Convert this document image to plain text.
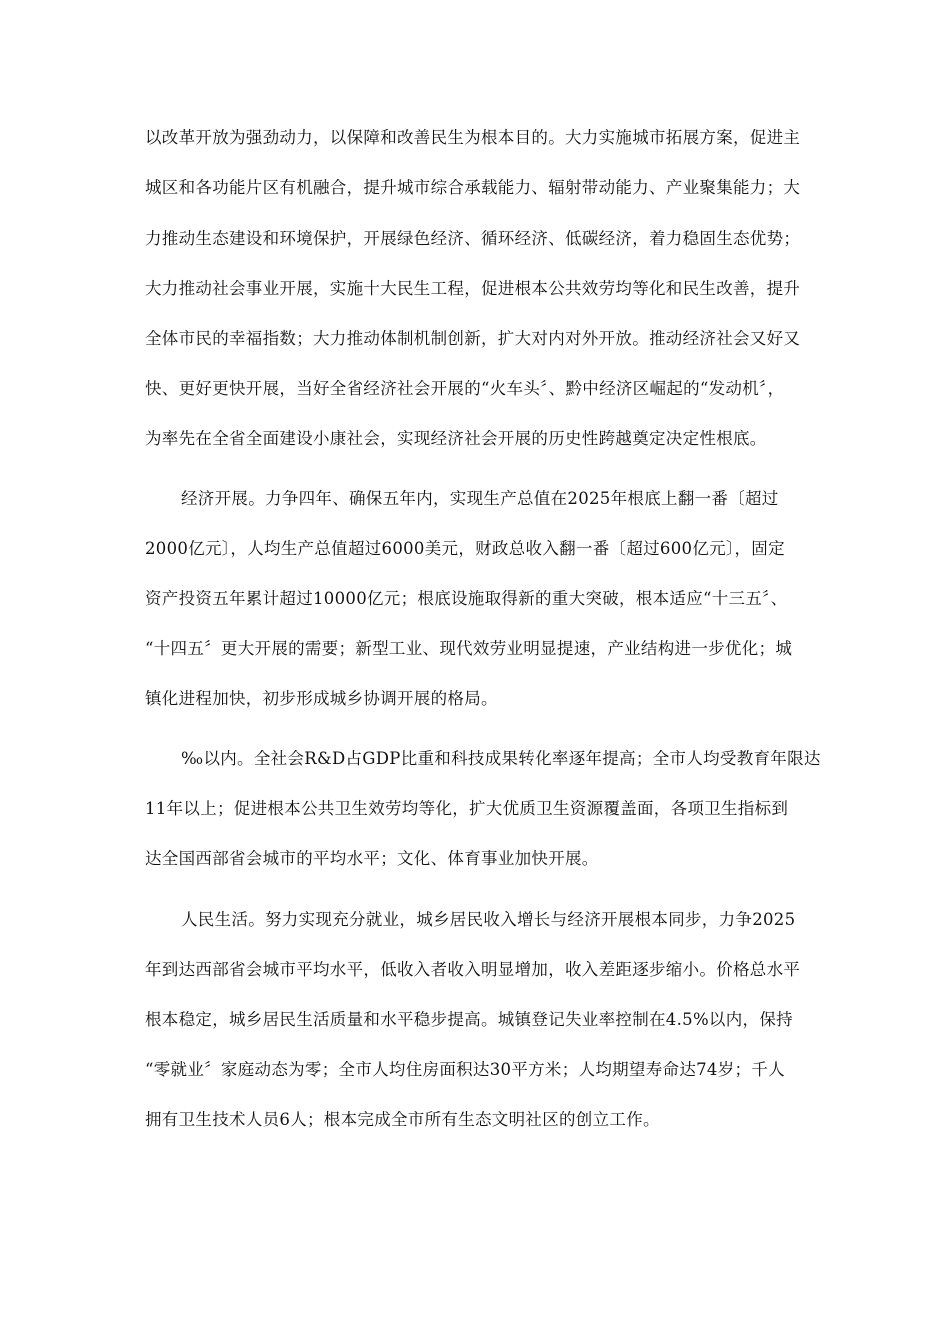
以改革开放为强劲动力，以保障和改善民生为根本目的。大力实施城市拓展方案，促进主
城区和各功能片区有机融合，提升城市综合承载能力、辐射带动能力、产业聚集能力；大
力推动生态建设和环境保护，开展绿色经济、循环经济、低碳经济，着力稳固生态优势；
大力推动社会事业开展，实施十大民生工程，促进根本公共效劳均等化和民生改善，提升
全体市民的幸福指数；大力推动体制机制创新，扩大对内对外开放。推动经济社会又好又
快、更好更快开展，当好全省经济社会开展的“火车头〞、黔中经济区崛起的“发动机〞，
为率先在全省全面建设小康社会，实现经济社会开展的历史性跨越奠定决定性根底。
经济开展。力争四年、确保五年内，实现生产总值在2025年根底上翻一番〔超过
2000亿元〕，人均生产总值超过6000美元，财政总收入翻一番〔超过600亿元〕，固定
资产投资五年累计超过10000亿元；根底设施取得新的重大突破，根本适应“十三五〞、
“十四五〞更大开展的需要；新型工业、现代效劳业明显提速，产业结构进一步优化；城
镇化进程加快，初步形成城乡协调开展的格局。
‰以内。全社会R&D占GDP比重和科技成果转化率逐年提高；全市人均受教育年限达
11年以上；促进根本公共卫生效劳均等化，扩大优质卫生资源覆盖面，各项卫生指标到
达全国西部省会城市的平均水平；文化、体育事业加快开展。
人民生活。努力实现充分就业，城乡居民收入增长与经济开展根本同步，力争2025
年到达西部省会城市平均水平，低收入者收入明显增加，收入差距逐步缩小。价格总水平
根本稳定，城乡居民生活质量和水平稳步提高。城镇登记失业率控制在4.5%以内，保持
“零就业〞家庭动态为零；全市人均住房面积达30平方米；人均期望寿命达74岁；千人
拥有卫生技术人员6人；根本完成全市所有生态文明社区的创立工作。
